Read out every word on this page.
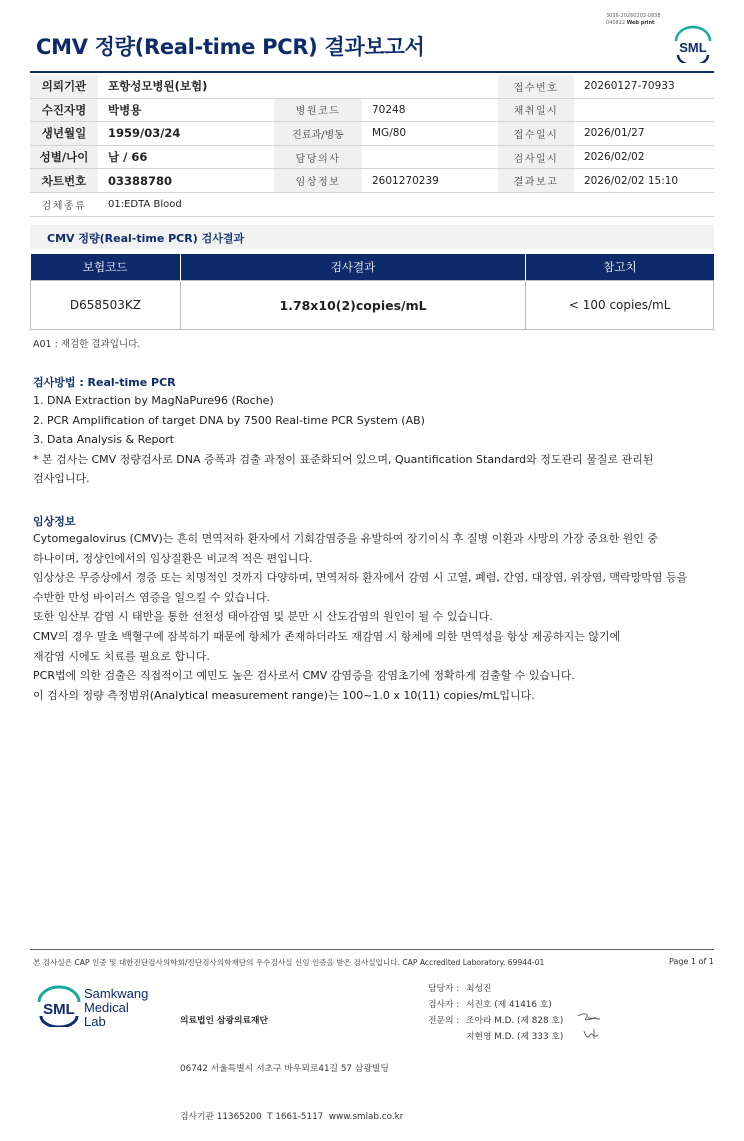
3036-20260203-0838
040822 Web print
CMV 정량(Real-time PCR) 결과보고서	SML
의뢰기관	포항성모병원(보험)			접수번호	20260127-70933
수진자명	박병용	병원코드	70248	채취일시	
생년월일	1959/03/24	진료과/병동	MG/80	접수일시	2026/01/27
성별/나이	남 / 66	담당의사		검사일시	2026/02/02
차트번호	03388780	임상정보	2601270239	결과보고	2026/02/02 15:10
검체종류	01:EDTA Blood				
CMV 정량(Real-time PCR) 검사결과
보험코드	검사결과	참고치
D658503KZ	1.78x10(2)copies/mL	< 100 copies/mL
A01 : 재검한 결과입니다.
검사방법 : Real-time PCR
1. DNA Extraction by MagNaPure96 (Roche)
2. PCR Amplification of target DNA by 7500 Real-time PCR System (AB)
3. Data Analysis & Report
* 본 검사는 CMV 정량검사로 DNA 증폭과 검출 과정이 표준화되어 있으며, Quantification Standard와 정도관리 물질로 관리된
검사입니다.
임상정보
Cytomegalovirus (CMV)는 흔히 면역저하 환자에서 기회감염증을 유발하여 장기이식 후 질병 이환과 사망의 가장 중요한 원인 중
하나이며, 정상인에서의 임상질환은 비교적 적은 편입니다.
임상상은 무증상에서 경증 또는 치명적인 것까지 다양하며, 면역저하 환자에서 감염 시 고열, 폐렴, 간염, 대장염, 위장염, 맥락망막염 등을
수반한 만성 바이러스 염증을 일으킬 수 있습니다.
또한 임산부 감염 시 태반을 통한 선천성 태아감염 및 분만 시 산도감염의 원인이 될 수 있습니다.
CMV의 경우 말초 백혈구에 잠복하기 때문에 항체가 존재하더라도 재감염 시 항체에 의한 면역성을 항상 제공하지는 않기에
재감염 시에도 치료를 필요로 합니다.
PCR법에 의한 검출은 직접적이고 예민도 높은 검사로서 CMV 감염증을 감염초기에 정확하게 검출할 수 있습니다.
이 검사의 정량 측정범위(Analytical measurement range)는 100~1.0 x 10(11) copies/mL입니다.
본 검사실은 CAP 인증 및 대한진단검사의학회/진단검사의학재단의 우수검사실 신임 인증을 받은 검사실입니다. CAP Accredited Laboratory. 69944-01	Page 1 of 1
SML
Samkwang
Medical Lab

	의료법인 삼광의료재단

06742 서울특별시 서초구 바우뫼로41길 57 삼광빌딩

검사기관 11365200  T 1661-5117  www.smlab.co.kr

담당자 : 최성진
검사자 : 서진호 (제 41416 호)
전문의 : 조아라 M.D. (제 828 호)
지현영 M.D. (제 333 호)
